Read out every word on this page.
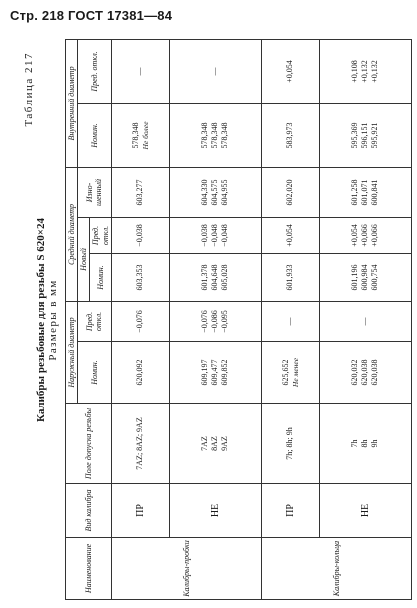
Стр. 218 ГОСТ 17381—84
Таблица 217
Калибры резьбовые для резьбы S 620×24 Размеры в мм
Наименование	Вид калибра	Поле допуска резьбы	Наружный диаметр		Средний диаметр			Внутренний диаметр	
			Номин.	Пред. откл.	Новый		Изно-шенный	Номин.	Пред. откл.
					Номин.	Пред. откл.			
Калибры-пробки	ПР	7AZ; 8AZ; 9AZ	620,092	−0,076	603,353	−0,038	603,277	578,348 Не более	—

	НЕ	7AZ 8AZ 9AZ	609,197 609,477 609,852	−0,076 −0,086 −0,095	601,378 604,648 605,028	−0,038 −0,048 −0,048	604,330 604,575 604,955	578,348 578,348 578,348	—

Калибры-кольца	ПР	7h; 8h; 9h	625,652 Не менее	—	601,933	+0,054	602,020	583,973	+0,054

	НЕ	7h 8h 9h	620,032 620,038 620,038	—	601,196 600,984 600,754	+0,054 +0,066 +0,066	601,258 601,071 600,841	595,369 596,151 595,921	+0,108 +0,132 +0,132
